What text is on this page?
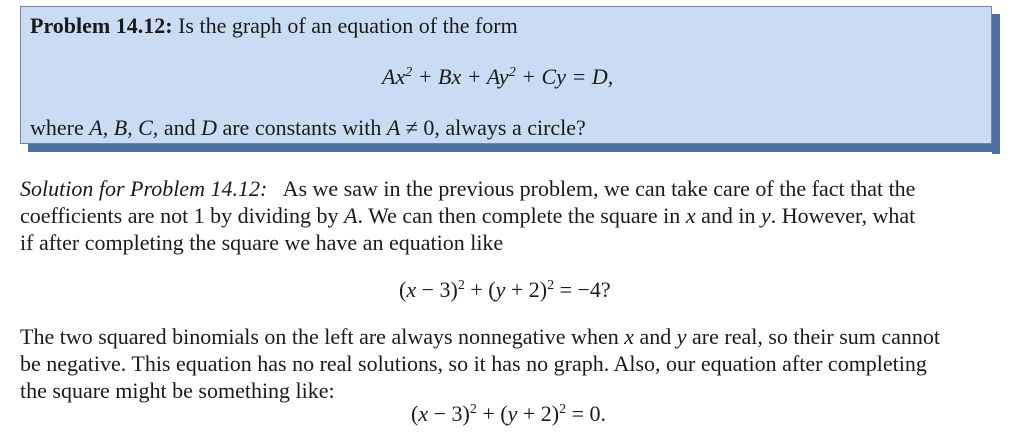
Problem 14.12: Is the graph of an equation of the form
$Ax^2 + Bx + Ay^2 + Cy = D$,
where A, B, C, and D are constants with A ≠ 0, always a circle?
Solution for Problem 14.12:   As we saw in the previous problem, we can take care of the fact that the
coefficients are not 1 by dividing by A. We can then complete the square in x and in y. However, what
if after completing the square we have an equation like
$(x - 3)^2 + (y + 2)^2 = -4$?
The two squared binomials on the left are always nonnegative when x and y are real, so their sum cannot
be negative. This equation has no real solutions, so it has no graph. Also, our equation after completing
the square might be something like:
$(x - 3)^2 + (y + 2)^2 = 0$.
